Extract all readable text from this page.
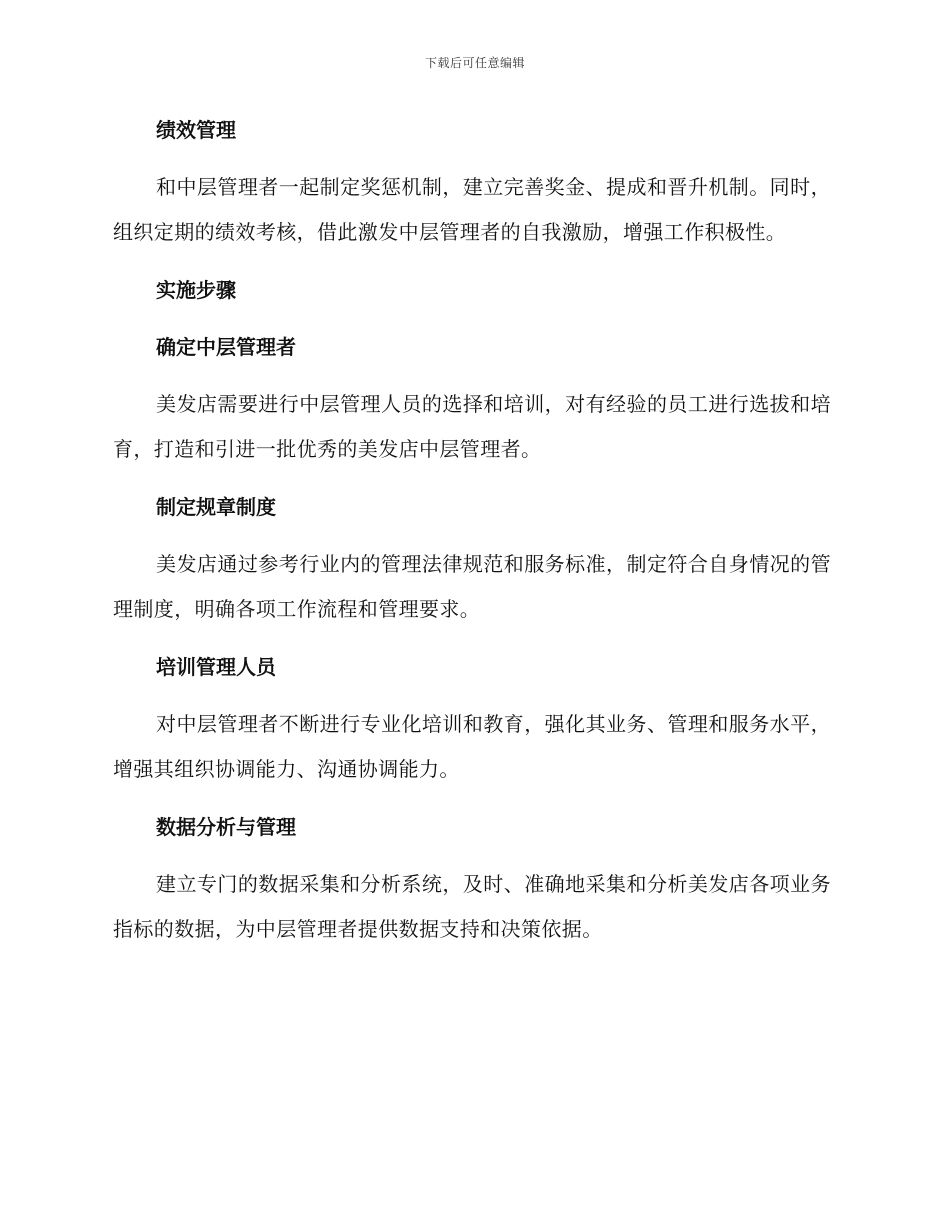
下载后可任意编辑
绩效管理
和中层管理者一起制定奖惩机制，建立完善奖金、提成和晋升机制。同时，组织定期的绩效考核，借此激发中层管理者的自我激励，增强工作积极性。
实施步骤
确定中层管理者
美发店需要进行中层管理人员的选择和培训，对有经验的员工进行选拔和培育，打造和引进一批优秀的美发店中层管理者。
制定规章制度
美发店通过参考行业内的管理法律规范和服务标准，制定符合自身情况的管理制度，明确各项工作流程和管理要求。
培训管理人员
对中层管理者不断进行专业化培训和教育，强化其业务、管理和服务水平，增强其组织协调能力、沟通协调能力。
数据分析与管理
建立专门的数据采集和分析系统，及时、准确地采集和分析美发店各项业务指标的数据，为中层管理者提供数据支持和决策依据。
